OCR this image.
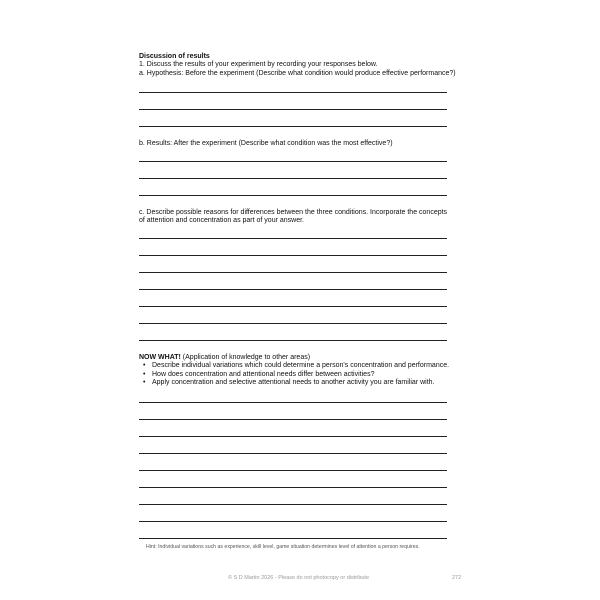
Discussion of results
1. Discuss the results of your experiment by recording your responses below.
a. Hypothesis: Before the experiment (Describe what condition would produce effective performance?)
b. Results: After the experiment (Describe what condition was the most effective?)
c. Describe possible reasons for differences between the three conditions. Incorporate the concepts
of attention and concentration as part of your answer.
NOW WHAT! (Application of knowledge to other areas)
• Describe individual variations which could determine a person's concentration and performance.
• How does concentration and attentional needs differ between activities?
• Apply concentration and selective attentional needs to another activity you are familiar with.
Hint: Individual variations such as experience, skill level, game situation determines level of attention a person requires.
© S D Martin 2026 - Please do not photocopy or distribute	272
